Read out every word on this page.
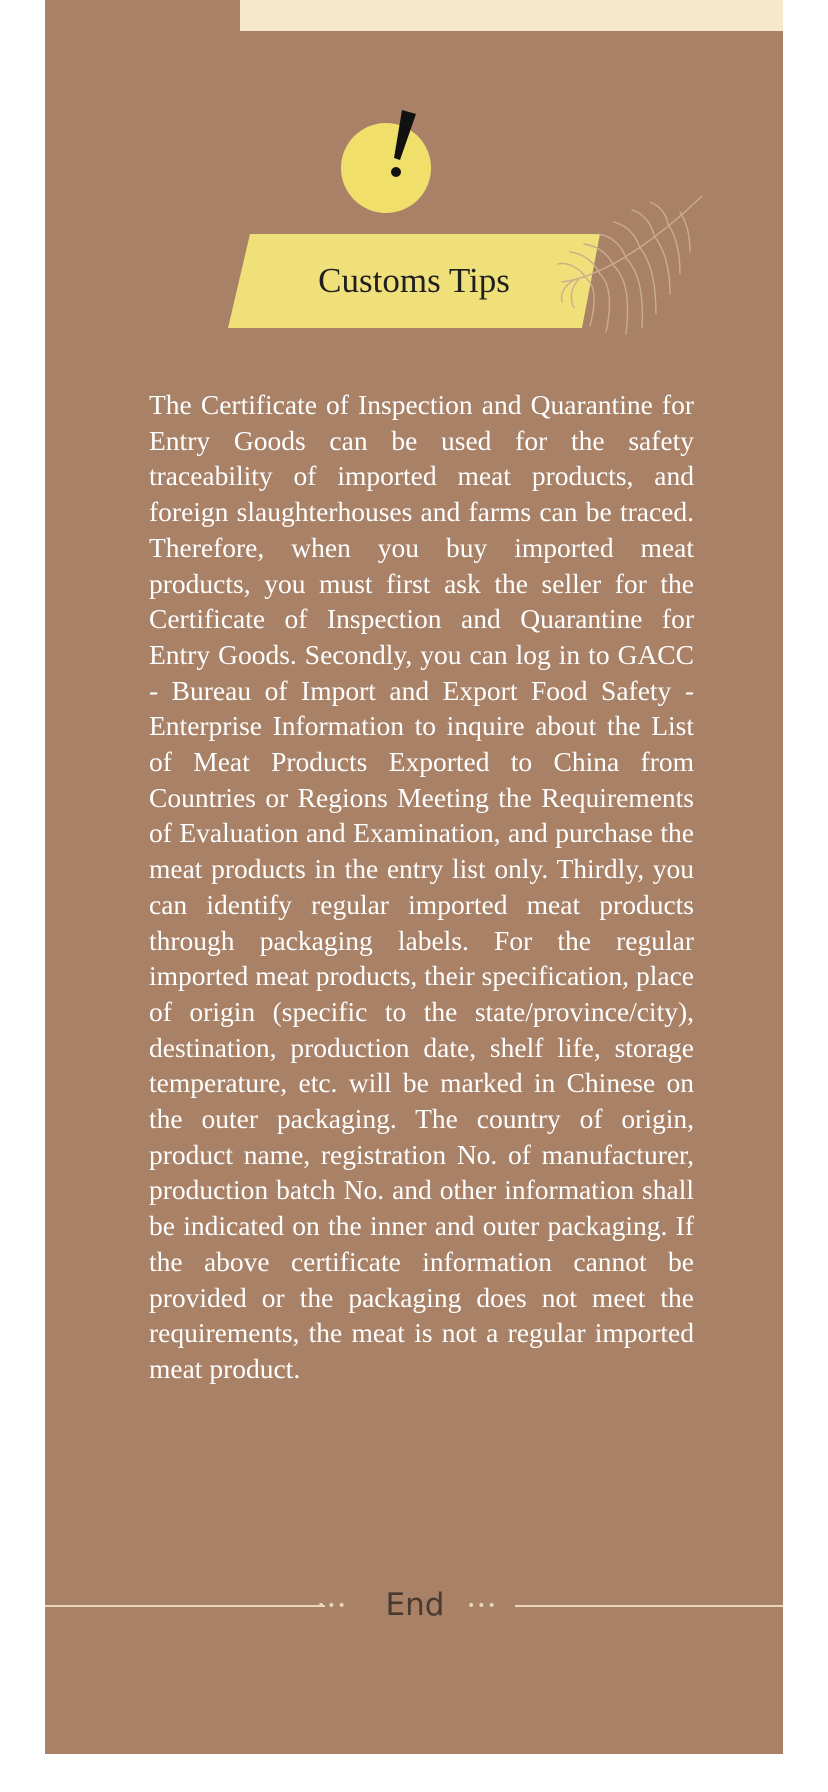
Customs Tips

The Certificate of Inspection and Quarantine for Entry Goods can be used for the safety traceability of imported meat products, and foreign slaughterhouses and farms can be traced. Therefore, when you buy imported meat products, you must first ask the seller for the Certificate of Inspection and Quarantine for Entry Goods. Secondly, you can log in to GACC - Bureau of Import and Export Food Safety - Enterprise Information to inquire about the List of Meat Products Exported to China from Countries or Regions Meeting the Requirements of Evaluation and Examination, and purchase the meat products in the entry list only. Thirdly, you can identify regular imported meat products through packaging labels. For the regular imported meat products, their specification, place of origin (specific to the state/province/city), destination, production date, shelf life, storage temperature, etc. will be marked in Chinese on the outer packaging. The country of origin, product name, registration No. of manufacturer, production batch No. and other information shall be indicated on the inner and outer packaging. If the above certificate information cannot be provided or the packaging does not meet the requirements, the meat is not a regular imported meat product.

•••	End	•••
